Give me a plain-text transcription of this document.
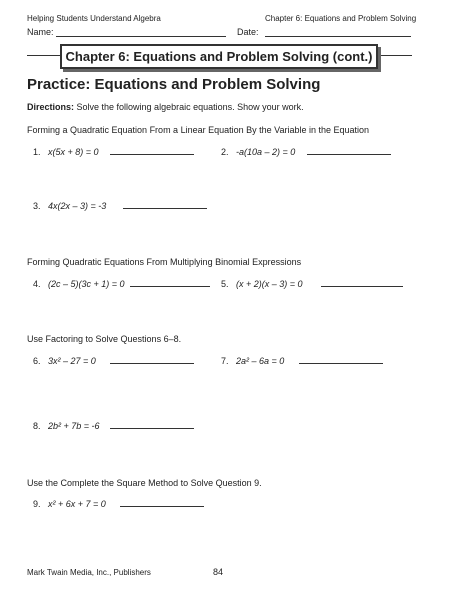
Helping Students Understand Algebra	Chapter 6: Equations and Problem Solving
Name:	Date:
Chapter 6: Equations and Problem Solving (cont.)
Practice: Equations and Problem Solving
Directions: Solve the following algebraic equations. Show your work.
Forming a Quadratic Equation From a Linear Equation By the Variable in the Equation
1. x(5x + 8) = 0	2. -a(10a – 2) = 0
3. 4x(2x – 3) = -3
Forming Quadratic Equations From Multiplying Binomial Expressions
4. (2c – 5)(3c + 1) = 0	5. (x + 2)(x – 3) = 0
Use Factoring to Solve Questions 6–8.
6. 3x² – 27 = 0	7. 2a² – 6a = 0
8. 2b² + 7b = -6
Use the Complete the Square Method to Solve Question 9.
9. x² + 6x + 7 = 0
Mark Twain Media, Inc., Publishers	84
